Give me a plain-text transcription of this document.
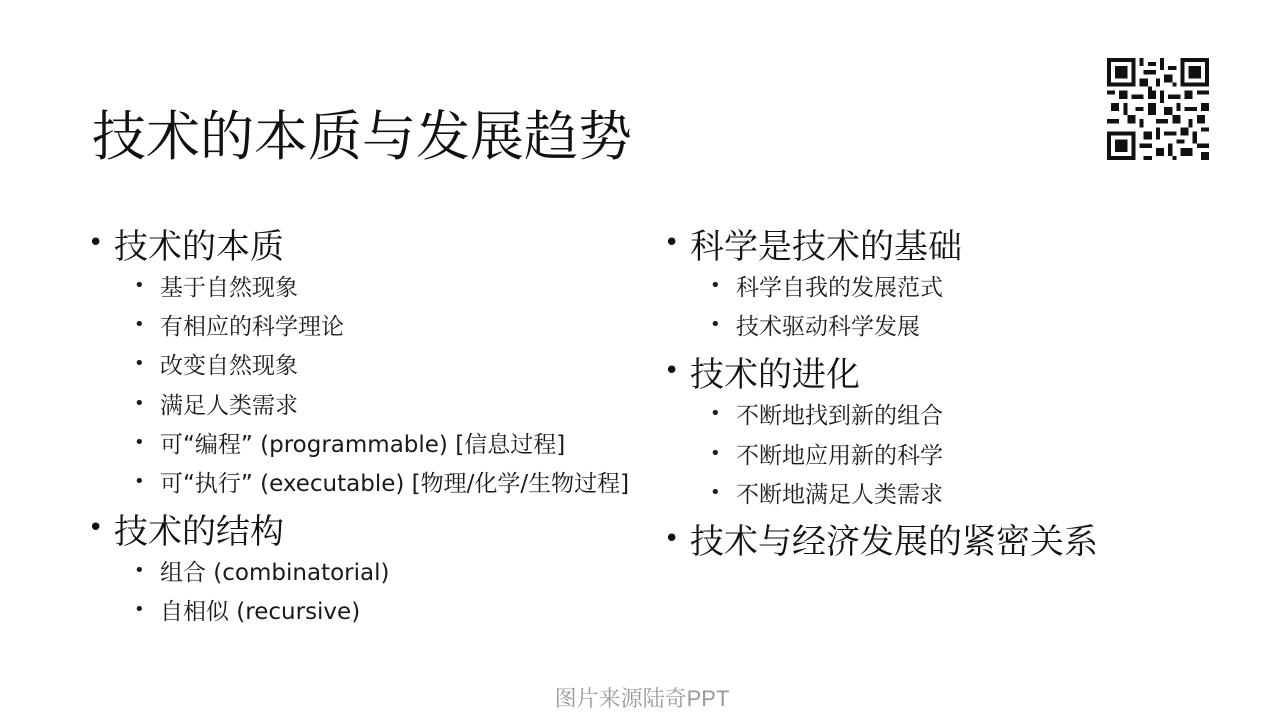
技术的本质与发展趋势
• 技术的本质
• 基于自然现象
• 有相应的科学理论
• 改变自然现象
• 满足人类需求
• 可“编程” (programmable) [信息过程]
• 可“执行” (executable) [物理/化学/生物过程]
• 技术的结构
• 组合 (combinatorial)
• 自相似 (recursive)
• 科学是技术的基础
• 科学自我的发展范式
• 技术驱动科学发展
• 技术的进化
• 不断地找到新的组合
• 不断地应用新的科学
• 不断地满足人类需求
• 技术与经济发展的紧密关系
图片来源陆奇PPT
